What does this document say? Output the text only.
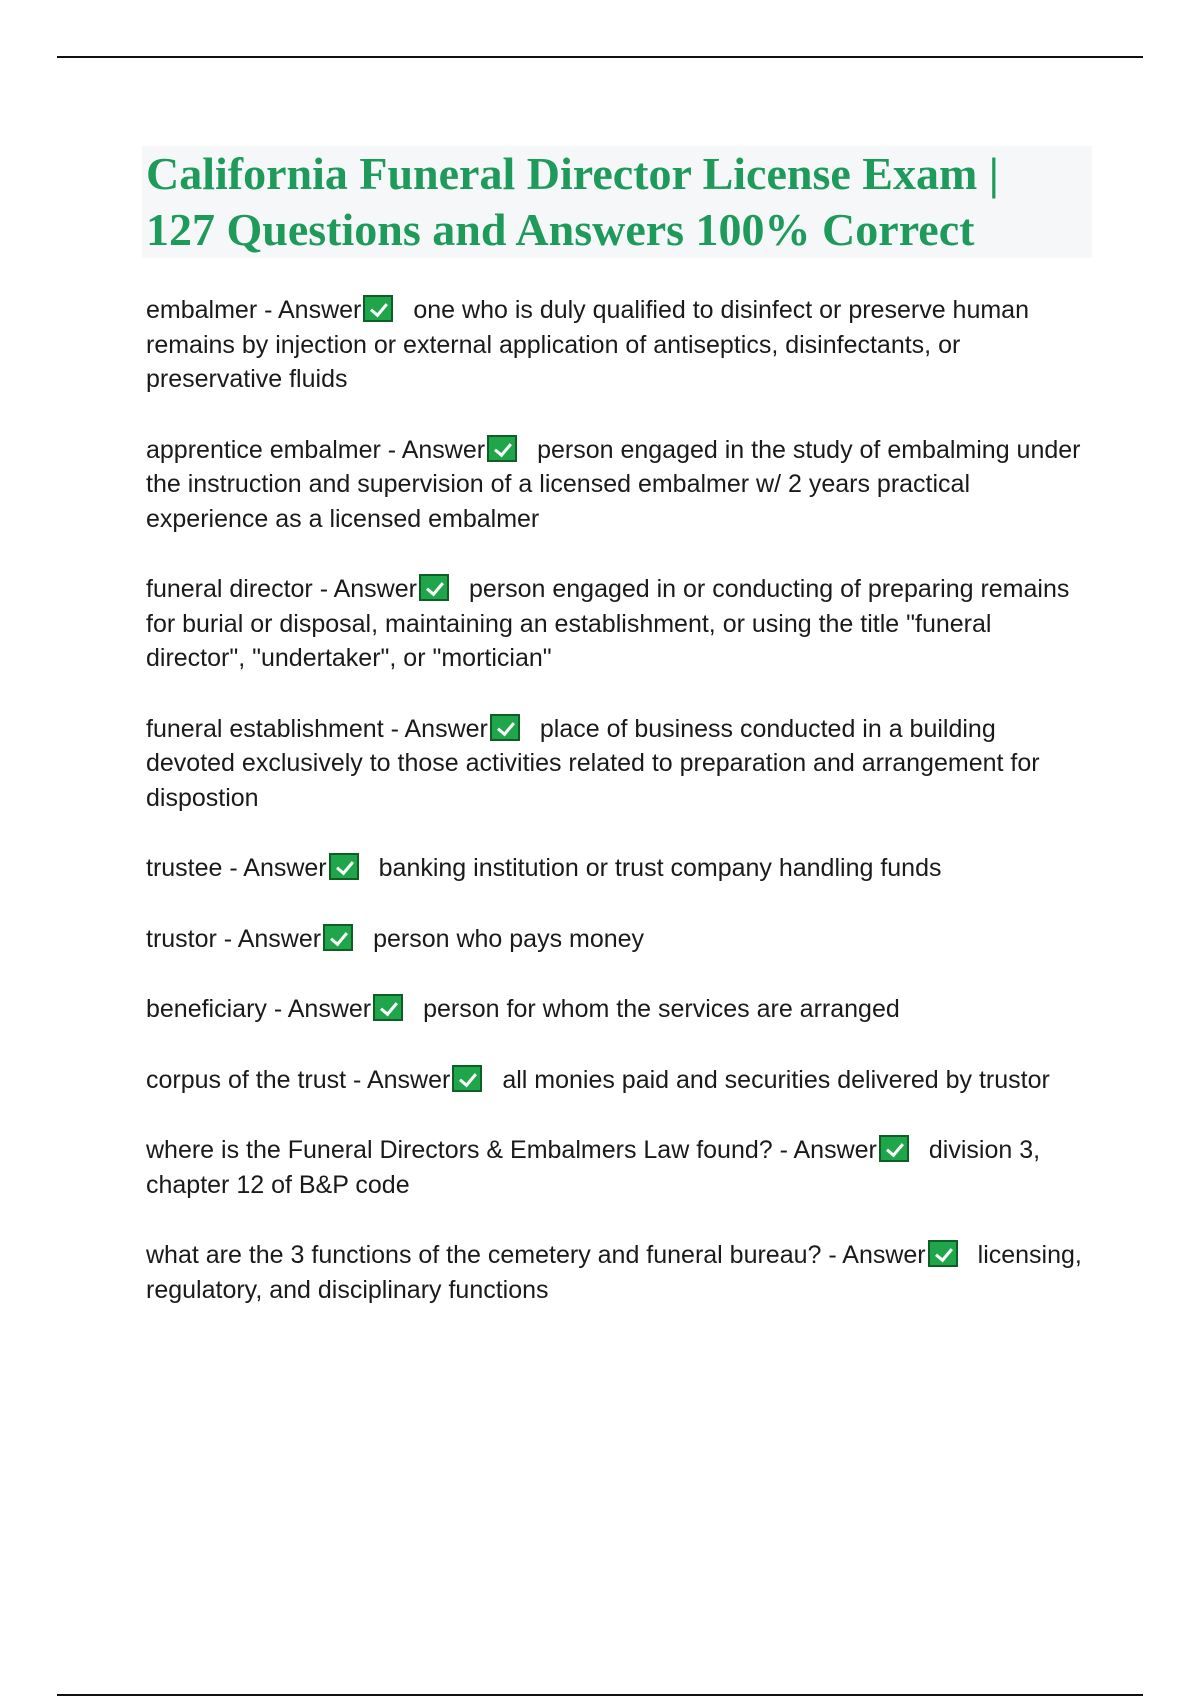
California Funeral Director License Exam |
127 Questions and Answers 100% Correct

embalmer - Answer one who is duly qualified to disinfect or preserve human remains by injection or external application of antiseptics, disinfectants, or preservative fluids

apprentice embalmer - Answer person engaged in the study of embalming under the instruction and supervision of a licensed embalmer w/ 2 years practical experience as a licensed embalmer

funeral director - Answer person engaged in or conducting of preparing remains for burial or disposal, maintaining an establishment, or using the title "funeral director", "undertaker", or "mortician"

funeral establishment - Answer place of business conducted in a building devoted exclusively to those activities related to preparation and arrangement for dispostion

trustee - Answer banking institution or trust company handling funds

trustor - Answer person who pays money

beneficiary - Answer person for whom the services are arranged

corpus of the trust - Answer all monies paid and securities delivered by trustor

where is the Funeral Directors & Embalmers Law found? - Answer division 3, chapter 12 of B&P code

what are the 3 functions of the cemetery and funeral bureau? - Answer licensing, regulatory, and disciplinary functions
